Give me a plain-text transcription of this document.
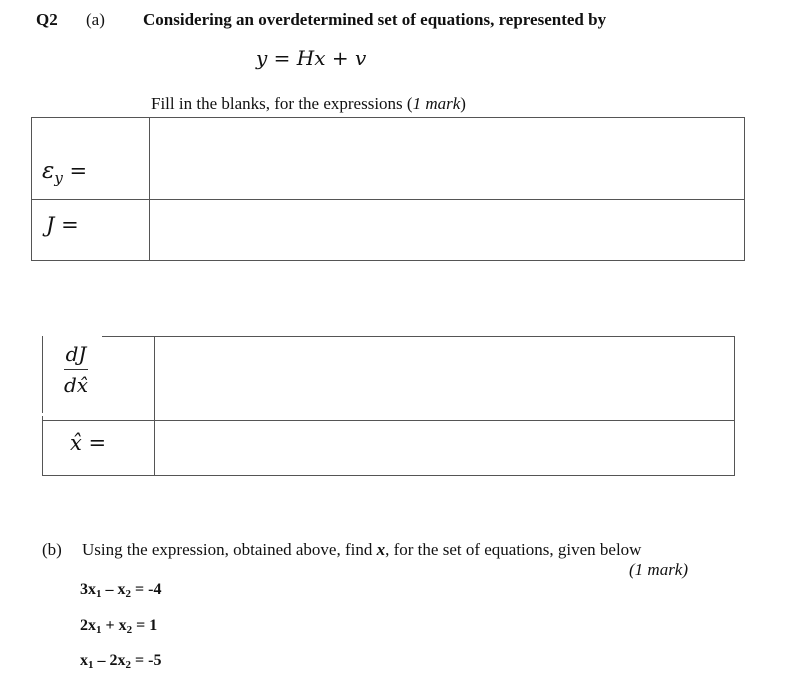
Q2 (a) Considering an overdetermined set of equations, represented by
y = Hx + v
Fill in the blanks, for the expressions (1 mark)
$\varepsilon_y$ =
J =
$\frac{dJ}{dx̂}$
x̂ =
(b) Using the expression, obtained above, find x, for the set of equations, given below
(1 mark)
$3x_1 - x_2 = -4$
$2x_1 + x_2 = 1$
$x_1 - 2x_2 = -5$
